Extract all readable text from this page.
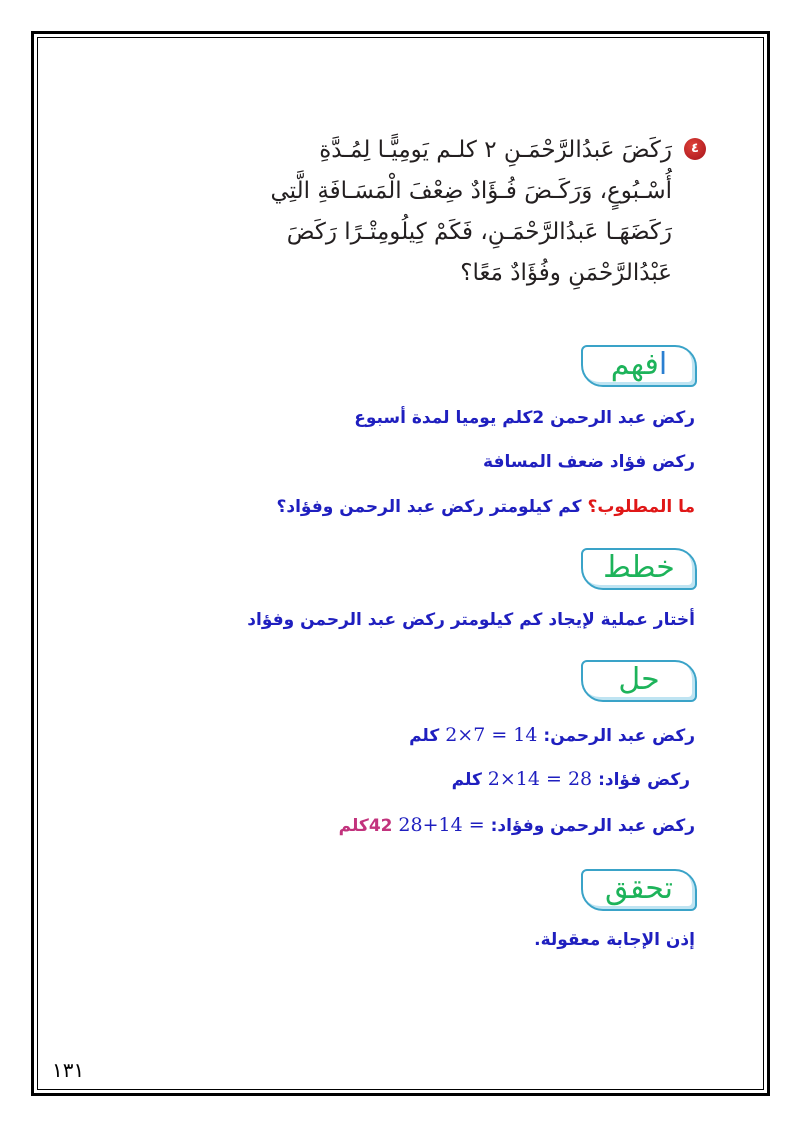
٤
رَكَضَ عَبدُالرَّحْمَـنِ ٢ كلـم يَومِيًّـا لِمُـدَّةِ
أُسْـبُوعٍ، وَرَكَـضَ فُـؤَادٌ ضِعْفَ الْمَسَـافَةِ الَّتِي
رَكَضَهَـا عَبدُالرَّحْمَـنِ، فَكَمْ كِيلُومِتْـرًا رَكَضَ
عَبْدُالرَّحْمَنِ وفُؤَادٌ مَعًا؟
افهم
ركض عبد الرحمن 2كلم يوميا لمدة أسبوع
ركض فؤاد ضعف المسافة
ما المطلوب؟ كم كيلومتر ركض عبد الرحمن وفؤاد؟
خطط
أختار عملية لإيجاد كم كيلومتر ركض عبد الرحمن وفؤاد
حل
ركض عبد الرحمن: 2×7 = 14 كلم
ركض فؤاد: 2×14 = 28 كلم
ركض عبد الرحمن وفؤاد: 28+14 = 42كلم
تحقق
إذن الإجابة معقولة.
١٣١
